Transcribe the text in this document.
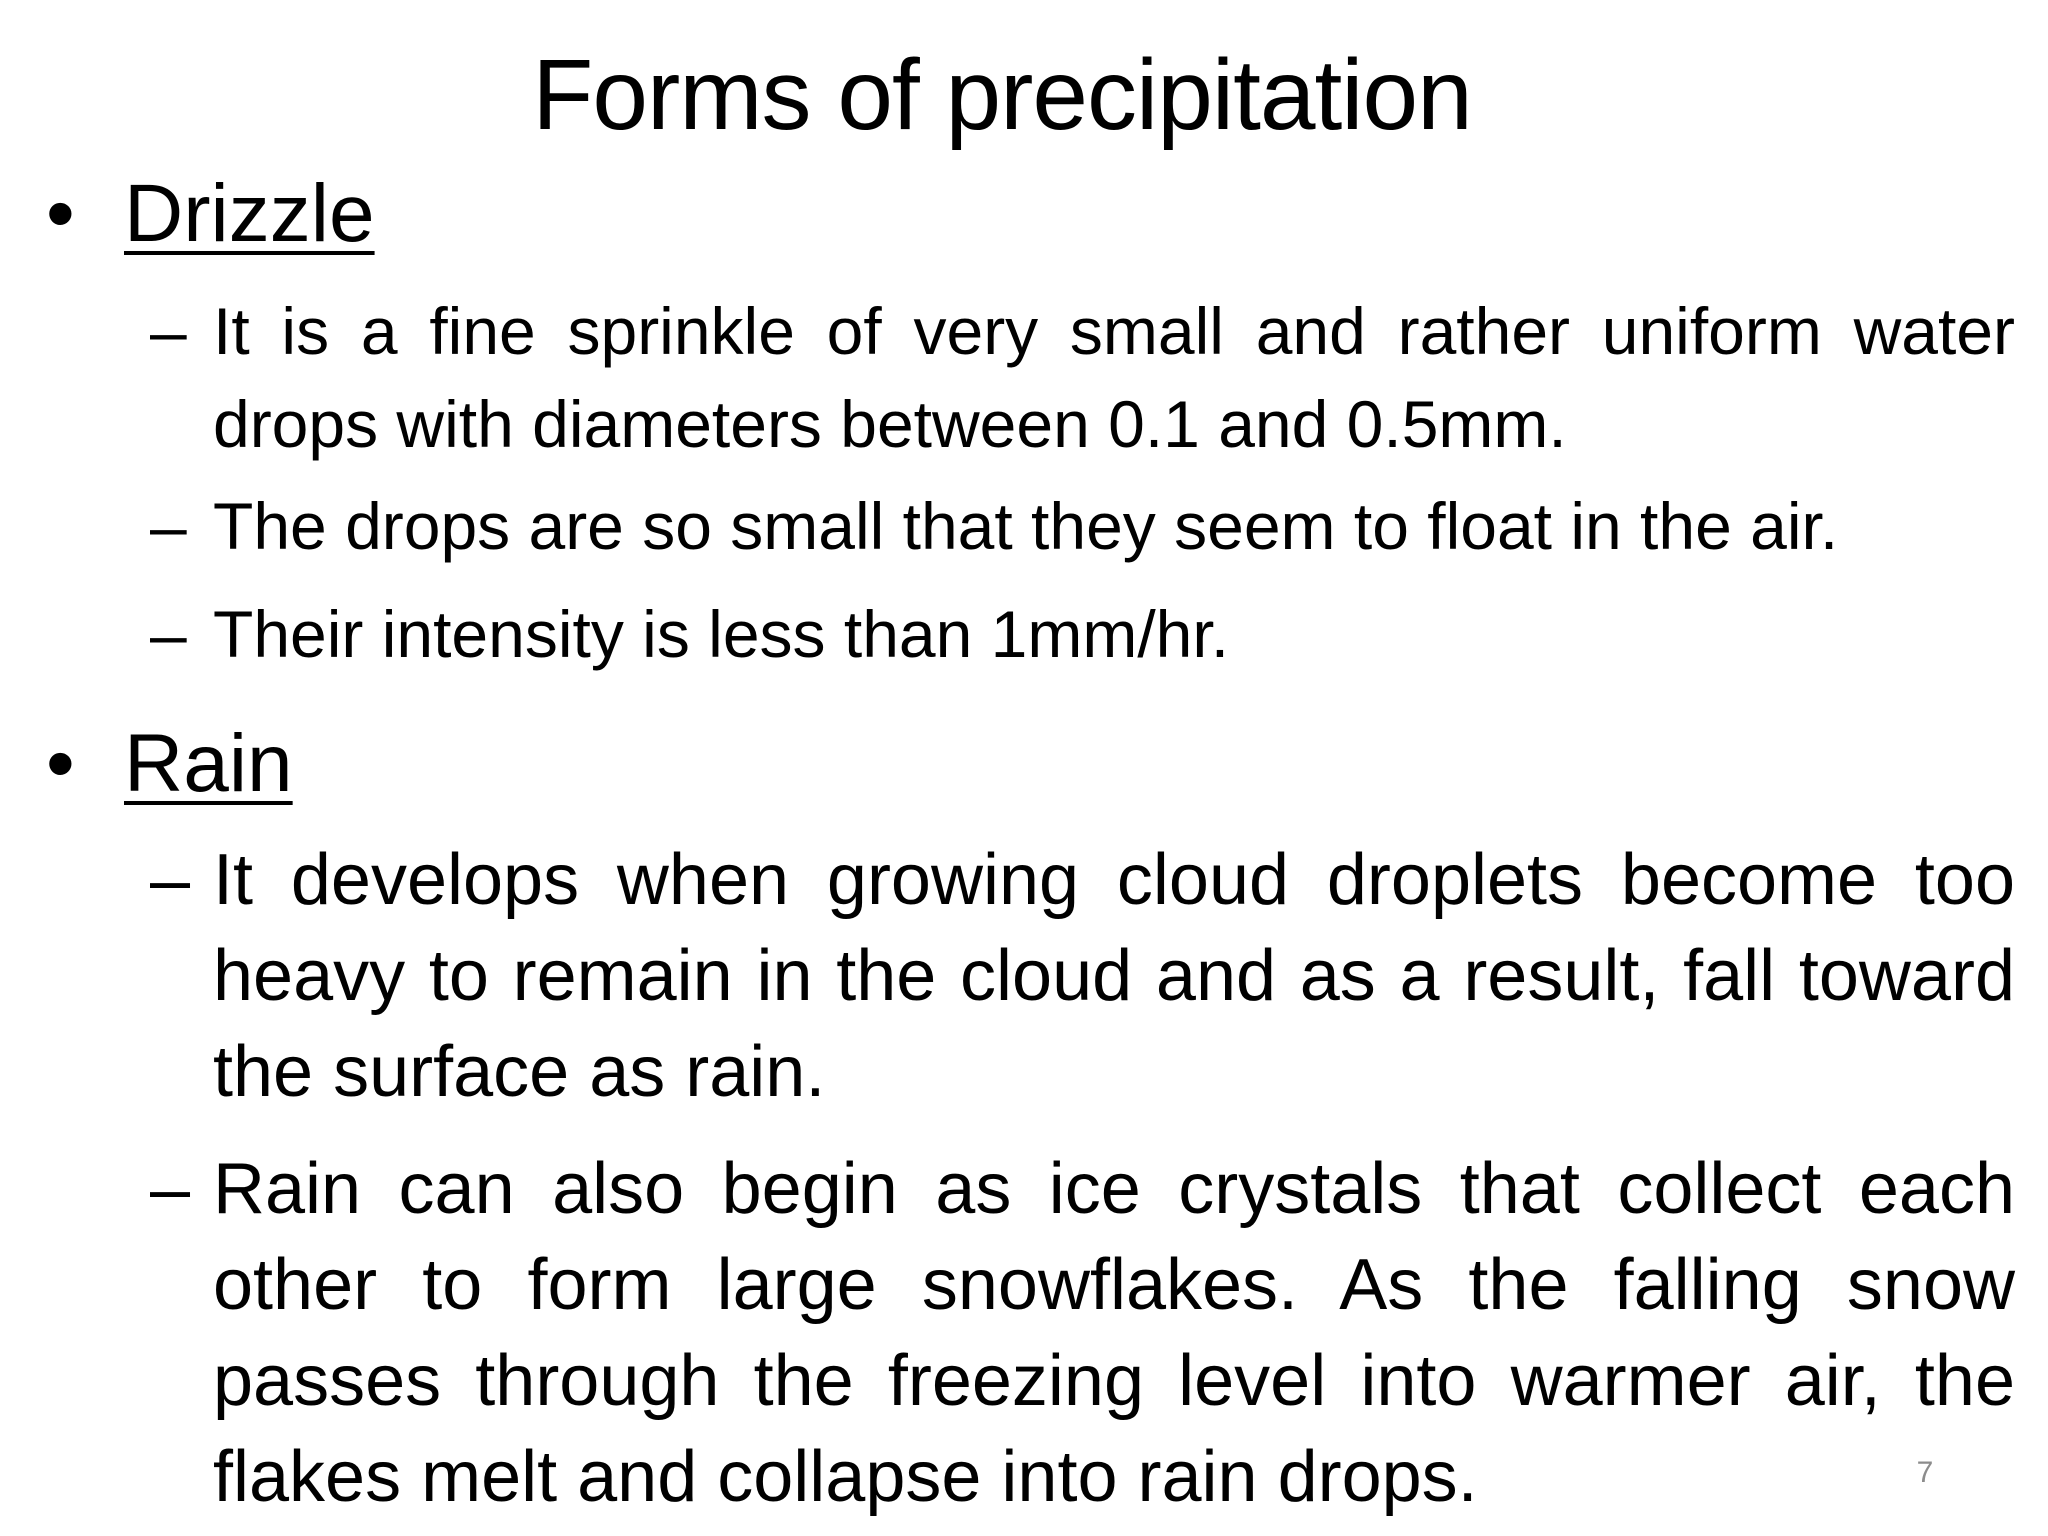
Forms of precipitation
• Drizzle
– It is a fine sprinkle of very small and rather uniform water drops with diameters between 0.1 and 0.5mm.
– The drops are so small that they seem to float in the air.
– Their intensity is less than 1mm/hr.
• Rain
– It develops when growing cloud droplets become too heavy to remain in the cloud and as a result, fall toward the surface as rain.
– Rain can also begin as ice crystals that collect each other to form large snowflakes. As the falling snow passes through the freezing level into warmer air, the flakes melt and collapse into rain drops.	7
